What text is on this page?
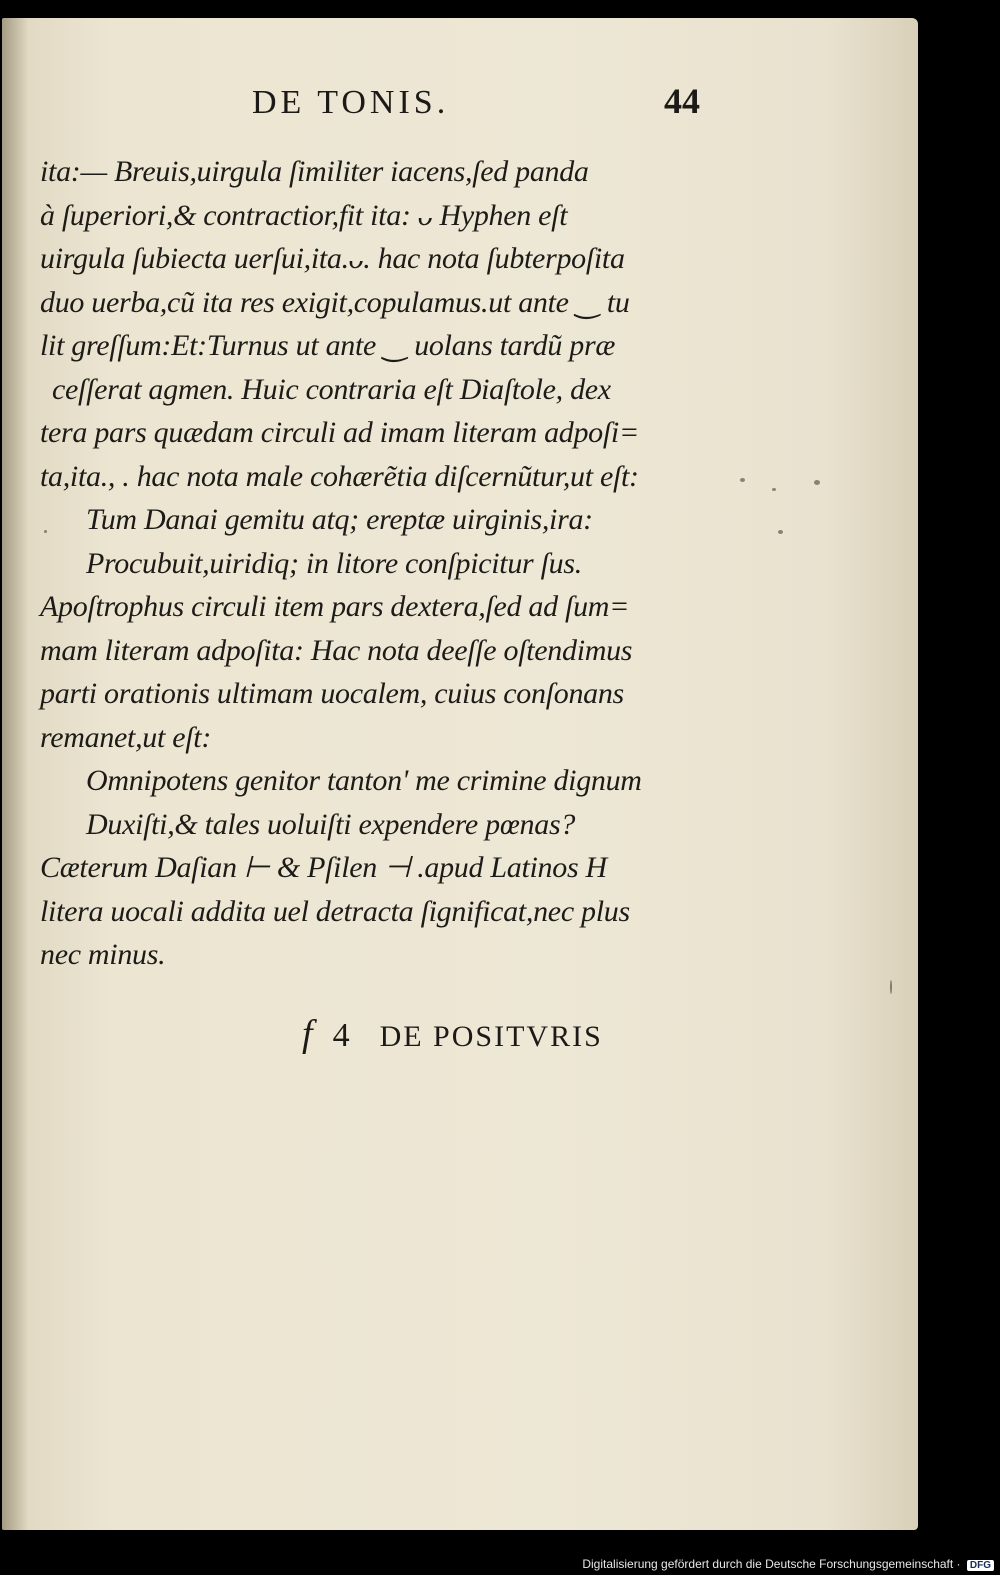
DE TONIS.	44
ita:— Breuis,uirgula ſimiliter iacens,ſed panda
à ſuperiori,& contractior,fit ita: ᴗ Hyphen eſt
uirgula ſubiecta uerſui,ita.ᴗ. hac nota ſubterpoſita
duo uerba,cũ ita res exigit,copulamus.ut ante ‿ tu
lit greſſum:Et:Turnus ut ante ‿ uolans tardũ præ
ceſſerat agmen. Huic contraria eſt Diaſtole, dex
tera pars quædam circuli ad imam literam adpoſi=
ta,ita., . hac nota male cohærẽtia diſcernũtur,ut eſt:
Tum Danai gemitu atq; ereptæ uirginis,ira:
Procubuit,uiridiq; in litore conſpicitur ſus.
Apoſtrophus circuli item pars dextera,ſed ad ſum=
mam literam adpoſita: Hac nota deeſſe oſtendimus
parti orationis ultimam uocalem, cuius conſonans
remanet,ut eſt:
Omnipotens genitor tanton' me crimine dignum
Duxiſti,& tales uoluiſti expendere pœnas?
Cæterum Daſian ⊢ & Pſilen ⊣ .apud Latinos H
litera uocali addita uel detracta ſignificat,nec plus
nec minus.
f 4 DE POSITVRIS
Digitalisierung gefördert durch die Deutsche Forschungsgemeinschaft · DFG
